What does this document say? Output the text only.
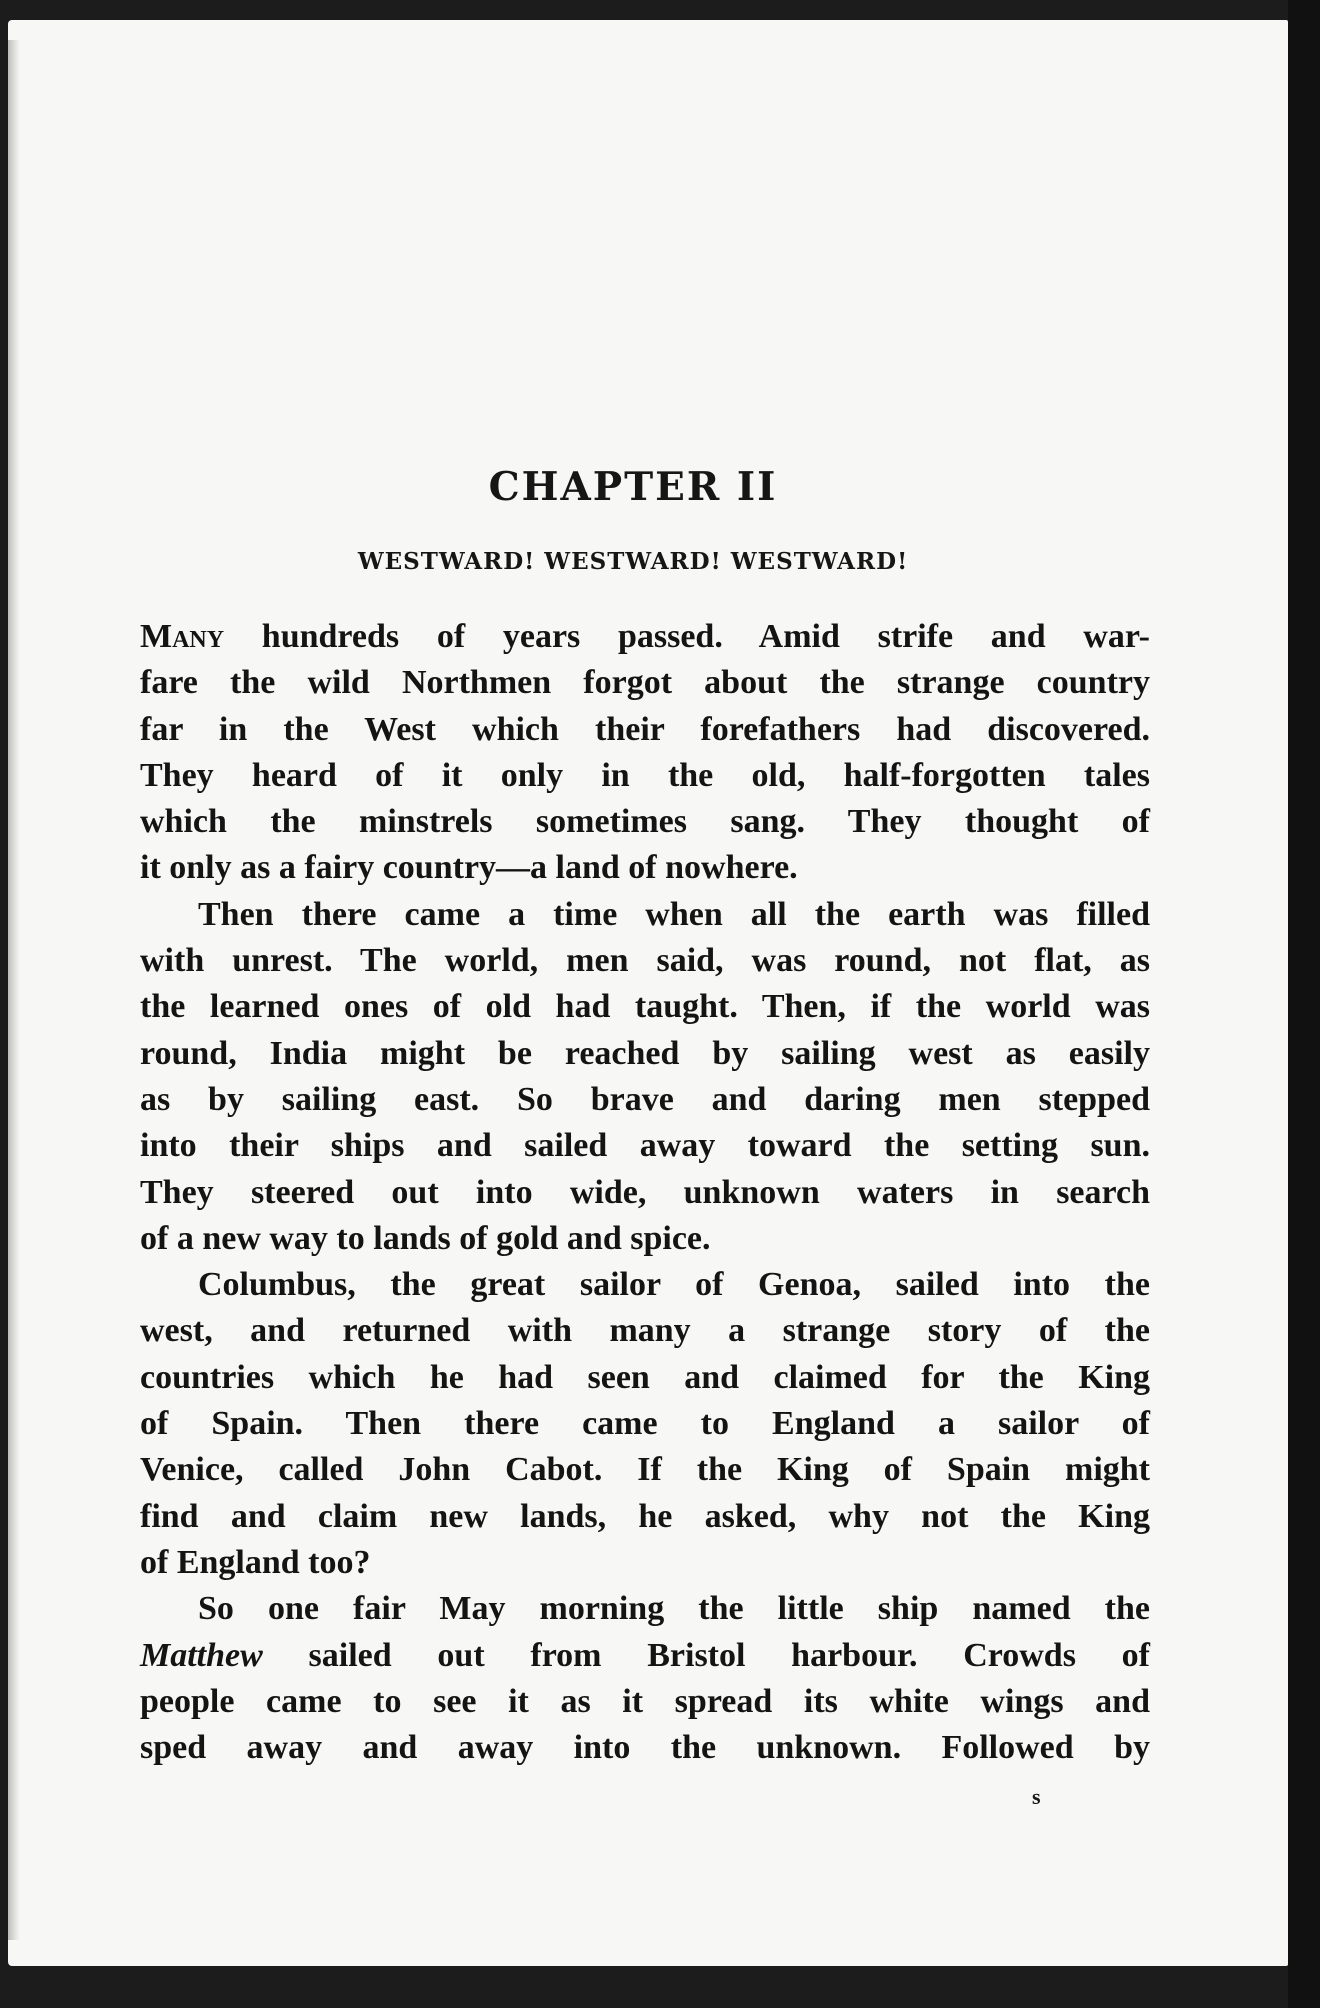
CHAPTER II
WESTWARD! WESTWARD! WESTWARD!

Many hundreds of years passed. Amid strife and war-
fare the wild Northmen forgot about the strange country
far in the West which their forefathers had discovered.
They heard of it only in the old, half-forgotten tales
which the minstrels sometimes sang. They thought of
it only as a fairy country—a land of nowhere.

Then there came a time when all the earth was filled
with unrest. The world, men said, was round, not flat, as
the learned ones of old had taught. Then, if the world was
round, India might be reached by sailing west as easily
as by sailing east. So brave and daring men stepped
into their ships and sailed away toward the setting sun.
They steered out into wide, unknown waters in search
of a new way to lands of gold and spice.

Columbus, the great sailor of Genoa, sailed into the
west, and returned with many a strange story of the
countries which he had seen and claimed for the King
of Spain. Then there came to England a sailor of
Venice, called John Cabot. If the King of Spain might
find and claim new lands, he asked, why not the King
of England too?

So one fair May morning the little ship named the
Matthew sailed out from Bristol harbour. Crowds of
people came to see it as it spread its white wings and
sped away and away into the unknown. Followed by

s
